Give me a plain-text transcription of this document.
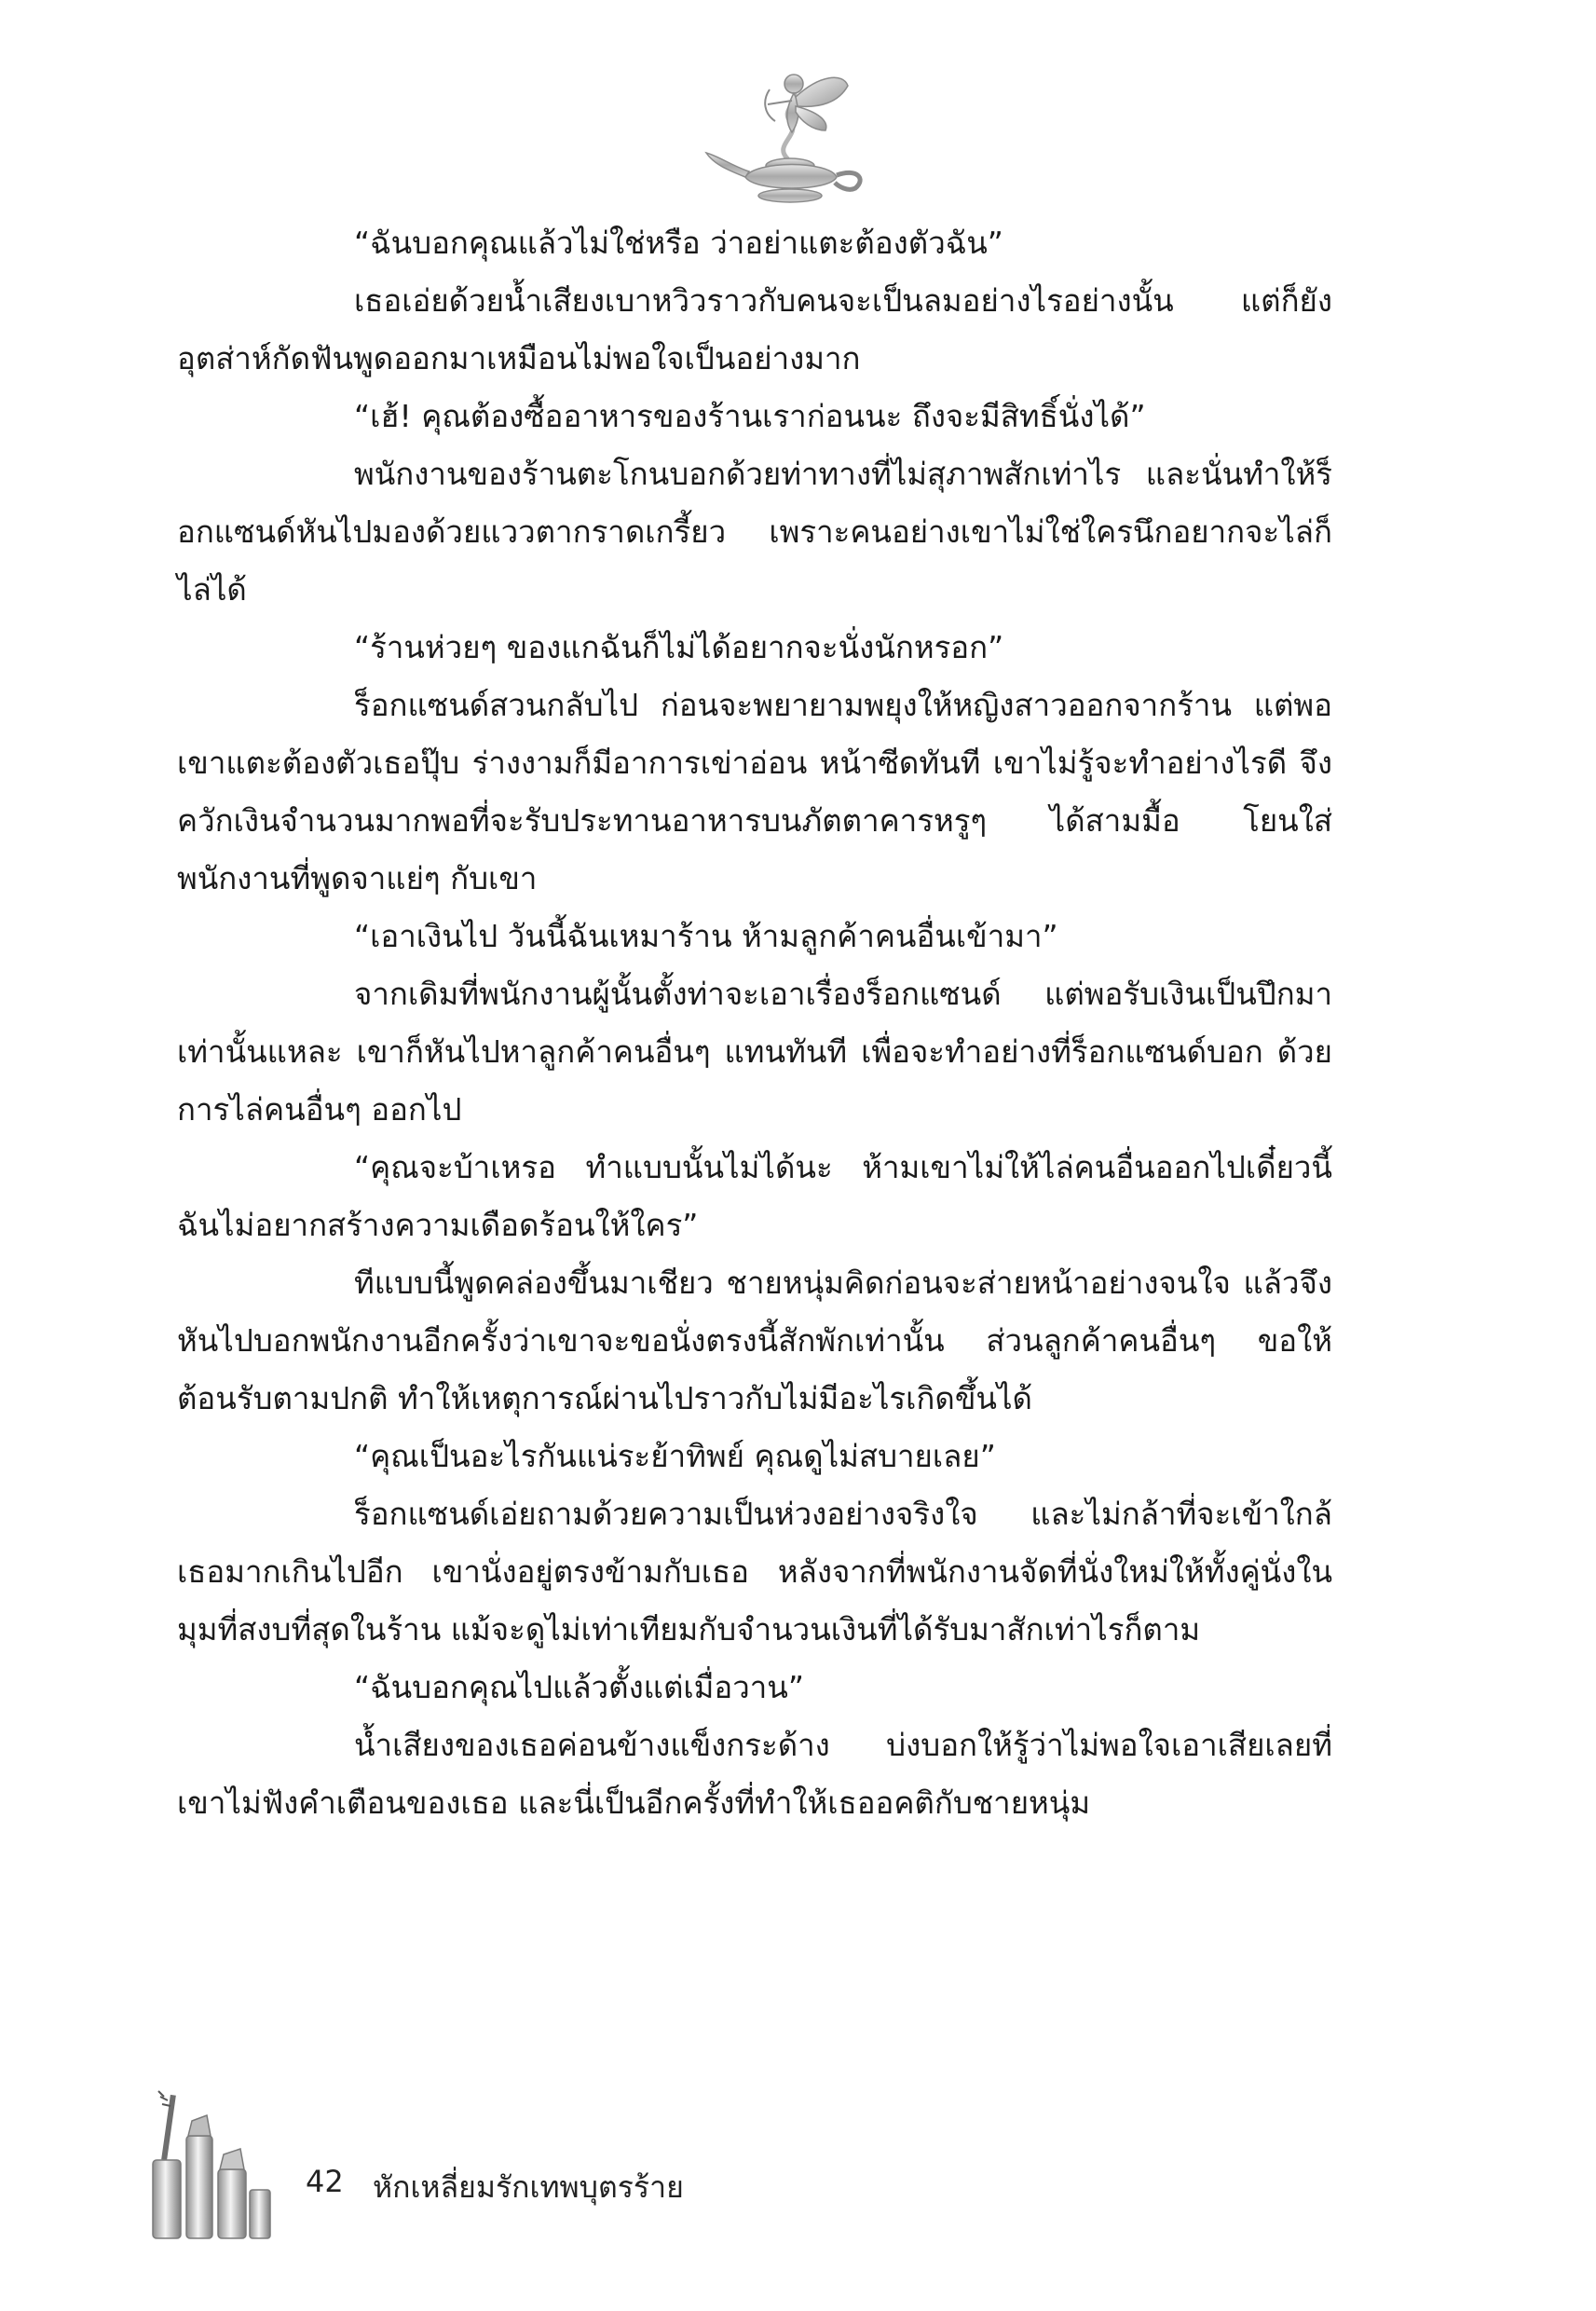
“ฉันบอกคุณแล้วไม่ใช่หรือ ว่าอย่าแตะต้องตัวฉัน”

เธอเอ่ยด้วยน้ำเสียงเบาหวิวราวกับคนจะเป็นลมอย่างไรอย่างนั้น แต่ก็ยังอุตส่าห์กัดฟันพูดออกมาเหมือนไม่พอใจเป็นอย่างมาก

“เฮ้! คุณต้องซื้ออาหารของร้านเราก่อนนะ ถึงจะมีสิทธิ์นั่งได้”

พนักงานของร้านตะโกนบอกด้วยท่าทางที่ไม่สุภาพสักเท่าไร และนั่นทำให้ร็อกแซนด์หันไปมองด้วยแววตากราดเกรี้ยว เพราะคนอย่างเขาไม่ใช่ใครนึกอยากจะไล่ก็ไล่ได้

“ร้านห่วยๆ ของแกฉันก็ไม่ได้อยากจะนั่งนักหรอก”

ร็อกแซนด์สวนกลับไป ก่อนจะพยายามพยุงให้หญิงสาวออกจากร้าน แต่พอเขาแตะต้องตัวเธอปุ๊บ ร่างงามก็มีอาการเข่าอ่อน หน้าซีดทันที เขาไม่รู้จะทำอย่างไรดี จึงควักเงินจำนวนมากพอที่จะรับประทานอาหารบนภัตตาคารหรูๆ ได้สามมื้อ โยนใส่พนักงานที่พูดจาแย่ๆ กับเขา

“เอาเงินไป วันนี้ฉันเหมาร้าน ห้ามลูกค้าคนอื่นเข้ามา”

จากเดิมที่พนักงานผู้นั้นตั้งท่าจะเอาเรื่องร็อกแซนด์ แต่พอรับเงินเป็นปึกมาเท่านั้นแหละ เขาก็หันไปหาลูกค้าคนอื่นๆ แทนทันที เพื่อจะทำอย่างที่ร็อกแซนด์บอก ด้วยการไล่คนอื่นๆ ออกไป

“คุณจะบ้าเหรอ ทำแบบนั้นไม่ได้นะ ห้ามเขาไม่ให้ไล่คนอื่นออกไปเดี๋ยวนี้ ฉันไม่อยากสร้างความเดือดร้อนให้ใคร”

ทีแบบนี้พูดคล่องขึ้นมาเชียว ชายหนุ่มคิดก่อนจะส่ายหน้าอย่างจนใจ แล้วจึงหันไปบอกพนักงานอีกครั้งว่าเขาจะขอนั่งตรงนี้สักพักเท่านั้น ส่วนลูกค้าคนอื่นๆ ขอให้ต้อนรับตามปกติ ทำให้เหตุการณ์ผ่านไปราวกับไม่มีอะไรเกิดขึ้นได้

“คุณเป็นอะไรกันแน่ระย้าทิพย์ คุณดูไม่สบายเลย”

ร็อกแซนด์เอ่ยถามด้วยความเป็นห่วงอย่างจริงใจ และไม่กล้าที่จะเข้าใกล้เธอมากเกินไปอีก เขานั่งอยู่ตรงข้ามกับเธอ หลังจากที่พนักงานจัดที่นั่งใหม่ให้ทั้งคู่นั่งในมุมที่สงบที่สุดในร้าน แม้จะดูไม่เท่าเทียมกับจำนวนเงินที่ได้รับมาสักเท่าไรก็ตาม

“ฉันบอกคุณไปแล้วตั้งแต่เมื่อวาน”

น้ำเสียงของเธอค่อนข้างแข็งกระด้าง บ่งบอกให้รู้ว่าไม่พอใจเอาเสียเลยที่เขาไม่ฟังคำเตือนของเธอ และนี่เป็นอีกครั้งที่ทำให้เธออคติกับชายหนุ่ม

42 หักเหลี่ยมรักเทพบุตรร้าย
